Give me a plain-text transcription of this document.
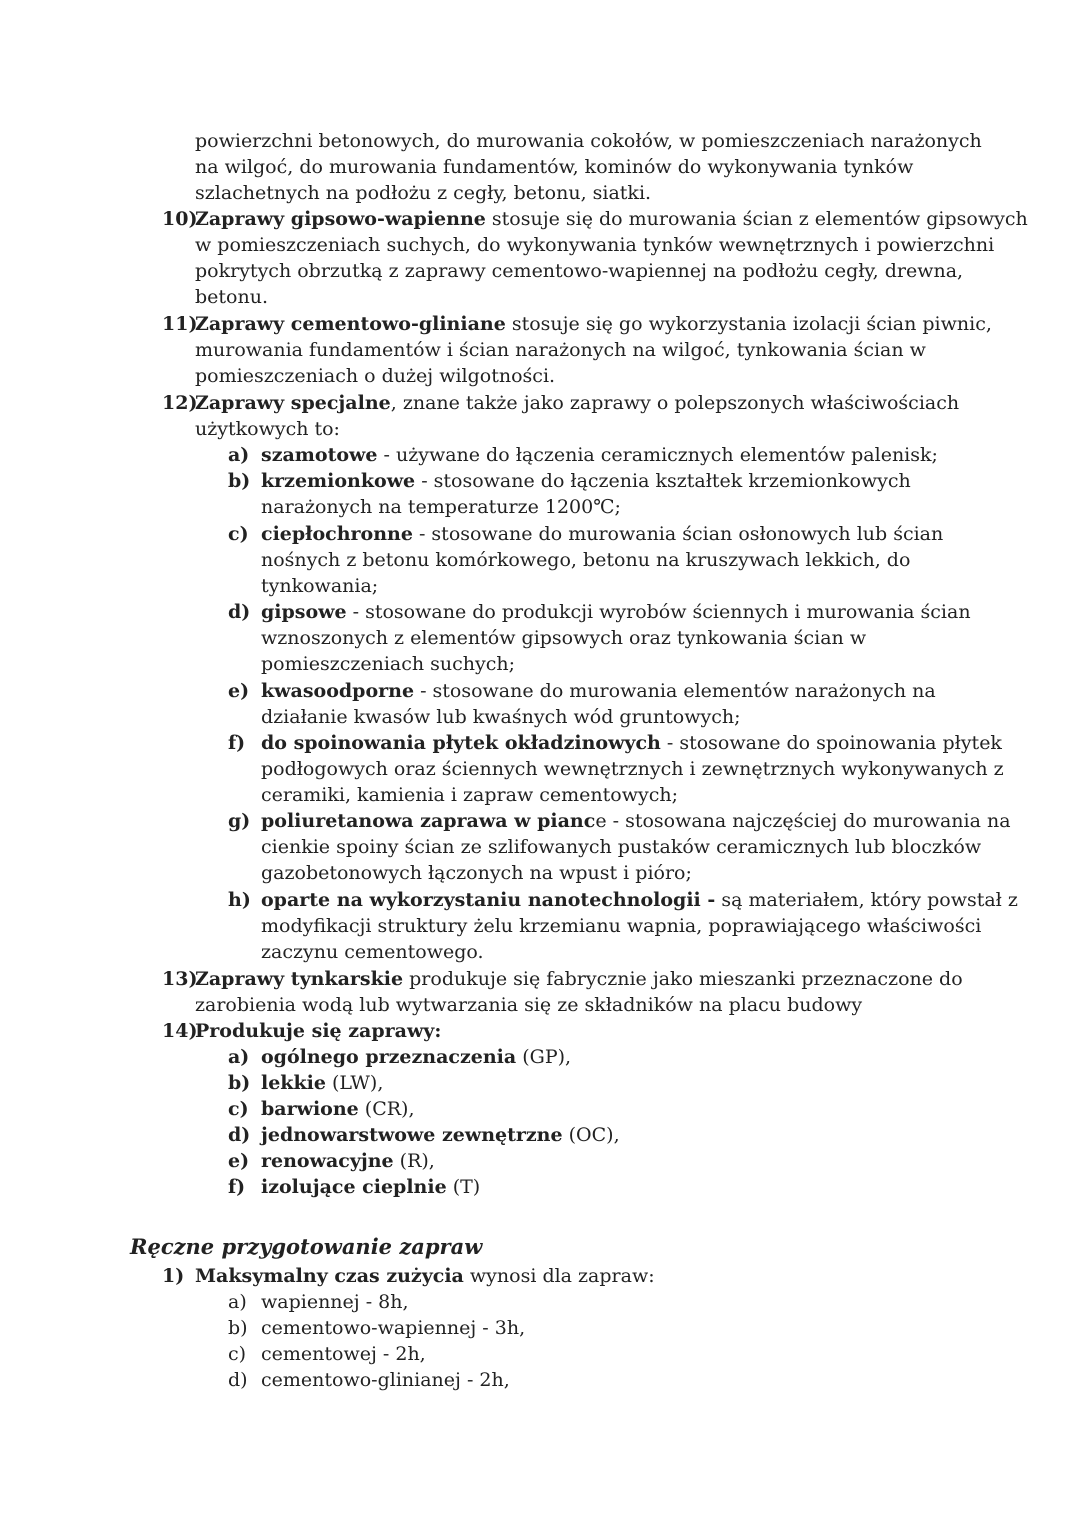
powierzchni betonowych, do murowania cokołów, w pomieszczeniach narażonych
na wilgoć, do murowania fundamentów, kominów do wykonywania tynków
szlachetnych na podłożu z cegły, betonu, siatki.
10)
Zaprawy gipsowo-wapienne stosuje się do murowania ścian z elementów gipsowych
w pomieszczeniach suchych, do wykonywania tynków wewnętrznych i powierzchni
pokrytych obrzutką z zaprawy cementowo-wapiennej na podłożu cegły, drewna,
betonu.
11)
Zaprawy cementowo-gliniane stosuje się go wykorzystania izolacji ścian piwnic,
murowania fundamentów i ścian narażonych na wilgoć, tynkowania ścian w
pomieszczeniach o dużej wilgotności.
12)
Zaprawy specjalne, znane także jako zaprawy o polepszonych właściwościach
użytkowych to:
a) szamotowe - używane do łączenia ceramicznych elementów palenisk;
b) krzemionkowe - stosowane do łączenia kształtek krzemionkowych
narażonych na temperaturze 1200℃;
c) ciepłochronne - stosowane do murowania ścian osłonowych lub ścian
nośnych z betonu komórkowego, betonu na kruszywach lekkich, do
tynkowania;
d) gipsowe - stosowane do produkcji wyrobów ściennych i murowania ścian
wznoszonych z elementów gipsowych oraz tynkowania ścian w
pomieszczeniach suchych;
e) kwasoodporne - stosowane do murowania elementów narażonych na
działanie kwasów lub kwaśnych wód gruntowych;
f) do spoinowania płytek okładzinowych - stosowane do spoinowania płytek
podłogowych oraz ściennych wewnętrznych i zewnętrznych wykonywanych z
ceramiki, kamienia i zapraw cementowych;
g) poliuretanowa zaprawa w piance - stosowana najczęściej do murowania na
cienkie spoiny ścian ze szlifowanych pustaków ceramicznych lub bloczków
gazobetonowych łączonych na wpust i pióro;
h) oparte na wykorzystaniu nanotechnologii - są materiałem, który powstał z
modyfikacji struktury żelu krzemianu wapnia, poprawiającego właściwości
zaczynu cementowego.
13)
Zaprawy tynkarskie produkuje się fabrycznie jako mieszanki przeznaczone do
zarobienia wodą lub wytwarzania się ze składników na placu budowy
14)
Produkuje się zaprawy:
a) ogólnego przeznaczenia (GP),
b) lekkie (LW),
c) barwione (CR),
d) jednowarstwowe zewnętrzne (OC),
e) renowacyjne (R),
f) izolujące cieplnie (T)
Ręczne przygotowanie zapraw
1) Maksymalny czas zużycia wynosi dla zapraw:
a) wapiennej - 8h,
b) cementowo-wapiennej - 3h,
c) cementowej - 2h,
d) cementowo-glinianej - 2h,
